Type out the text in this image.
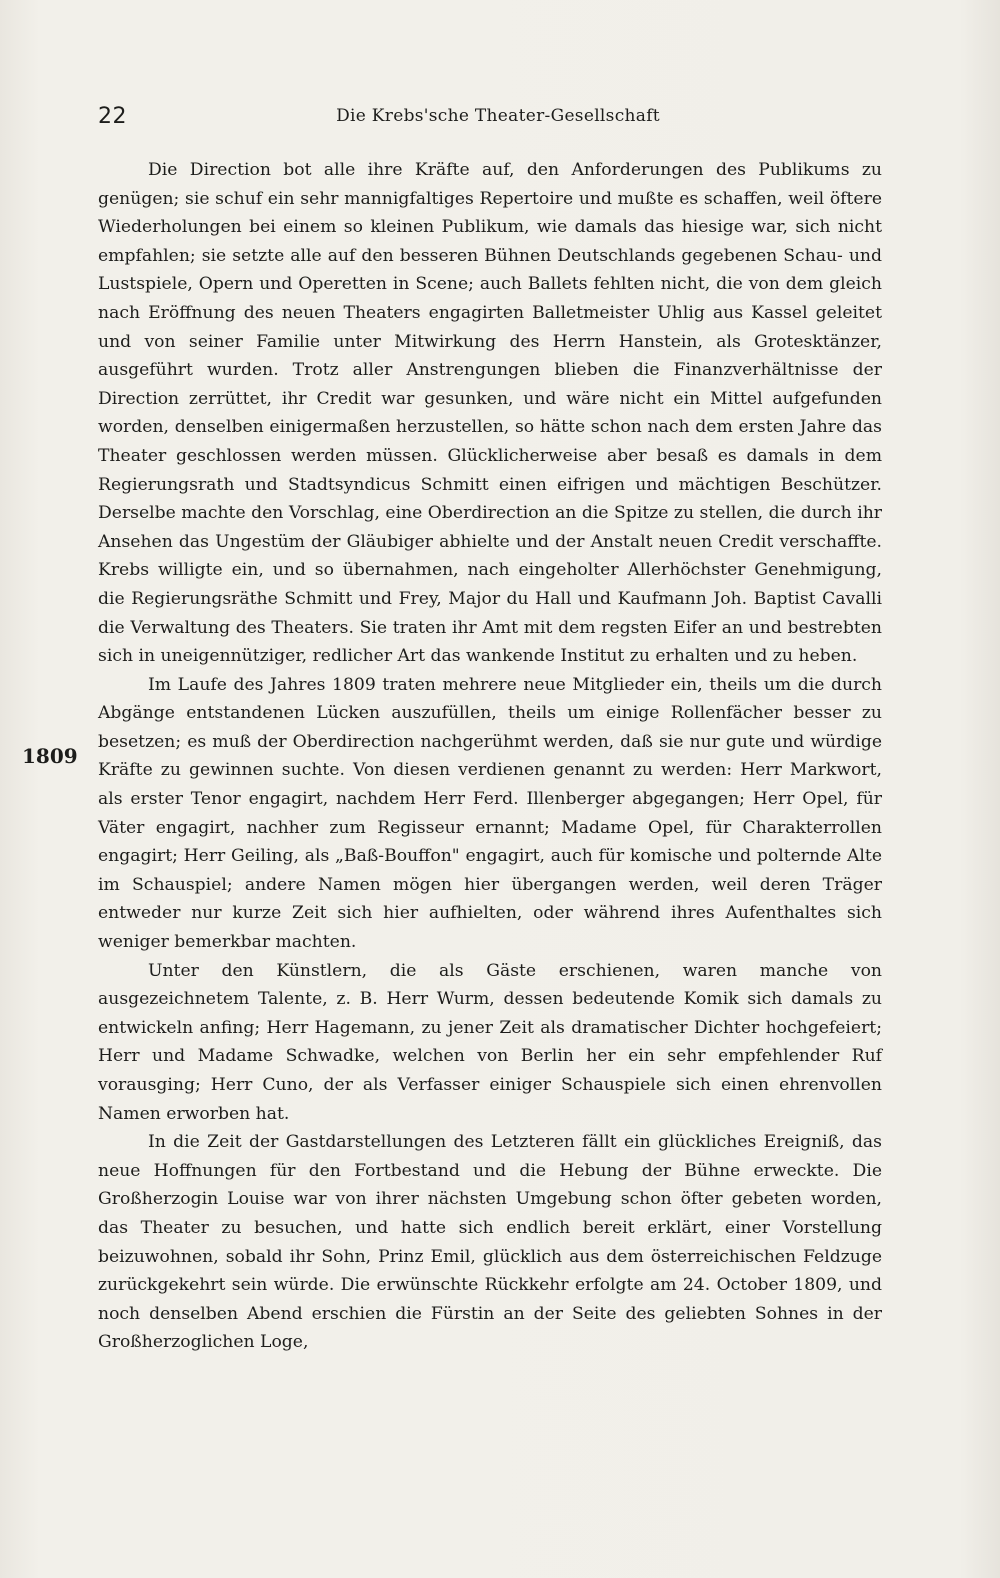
22	Die Krebs'sche Theater-Gesellschaft
1809

Die Direction bot alle ihre Kräfte auf, den Anforderungen des Publikums zu genügen; sie schuf ein sehr mannigfaltiges Repertoire und mußte es schaffen, weil öftere Wiederholungen bei einem so kleinen Publikum, wie damals das hiesige war, sich nicht empfahlen; sie setzte alle auf den besseren Bühnen Deutschlands gegebenen Schau- und Lustspiele, Opern und Operetten in Scene; auch Ballets fehlten nicht, die von dem gleich nach Eröffnung des neuen Theaters engagirten Balletmeister Uhlig aus Kassel geleitet und von seiner Familie unter Mitwirkung des Herrn Hanstein, als Grotesktänzer, ausgeführt wurden. Trotz aller Anstrengungen blieben die Finanzverhältnisse der Direction zerrüttet, ihr Credit war gesunken, und wäre nicht ein Mittel aufgefunden worden, denselben einigermaßen herzustellen, so hätte schon nach dem ersten Jahre das Theater geschlossen werden müssen. Glücklicherweise aber besaß es damals in dem Regierungsrath und Stadtsyndicus Schmitt einen eifrigen und mächtigen Beschützer. Derselbe machte den Vorschlag, eine Oberdirection an die Spitze zu stellen, die durch ihr Ansehen das Ungestüm der Gläubiger abhielte und der Anstalt neuen Credit verschaffte. Krebs willigte ein, und so übernahmen, nach eingeholter Allerhöchster Genehmigung, die Regierungsräthe Schmitt und Frey, Major du Hall und Kaufmann Joh. Baptist Cavalli die Verwaltung des Theaters. Sie traten ihr Amt mit dem regsten Eifer an und bestrebten sich in uneigennütziger, redlicher Art das wankende Institut zu erhalten und zu heben.

Im Laufe des Jahres 1809 traten mehrere neue Mitglieder ein, theils um die durch Abgänge entstandenen Lücken auszufüllen, theils um einige Rollenfächer besser zu besetzen; es muß der Oberdirection nachgerühmt werden, daß sie nur gute und würdige Kräfte zu gewinnen suchte. Von diesen verdienen genannt zu werden: Herr Markwort, als erster Tenor engagirt, nachdem Herr Ferd. Illenberger abgegangen; Herr Opel, für Väter engagirt, nachher zum Regisseur ernannt; Madame Opel, für Charakterrollen engagirt; Herr Geiling, als „Baß-Bouffon" engagirt, auch für komische und polternde Alte im Schauspiel; andere Namen mögen hier übergangen werden, weil deren Träger entweder nur kurze Zeit sich hier aufhielten, oder während ihres Aufenthaltes sich weniger bemerkbar machten.

Unter den Künstlern, die als Gäste erschienen, waren manche von ausgezeichnetem Talente, z. B. Herr Wurm, dessen bedeutende Komik sich damals zu entwickeln anfing; Herr Hagemann, zu jener Zeit als dramatischer Dichter hochgefeiert; Herr und Madame Schwadke, welchen von Berlin her ein sehr empfehlender Ruf vorausging; Herr Cuno, der als Verfasser einiger Schauspiele sich einen ehrenvollen Namen erworben hat.

In die Zeit der Gastdarstellungen des Letzteren fällt ein glückliches Ereigniß, das neue Hoffnungen für den Fortbestand und die Hebung der Bühne erweckte. Die Großherzogin Louise war von ihrer nächsten Umgebung schon öfter gebeten worden, das Theater zu besuchen, und hatte sich endlich bereit erklärt, einer Vorstellung beizuwohnen, sobald ihr Sohn, Prinz Emil, glücklich aus dem österreichischen Feldzuge zurückgekehrt sein würde. Die erwünschte Rückkehr erfolgte am 24. October 1809, und noch denselben Abend erschien die Fürstin an der Seite des geliebten Sohnes in der Großherzoglichen Loge,
